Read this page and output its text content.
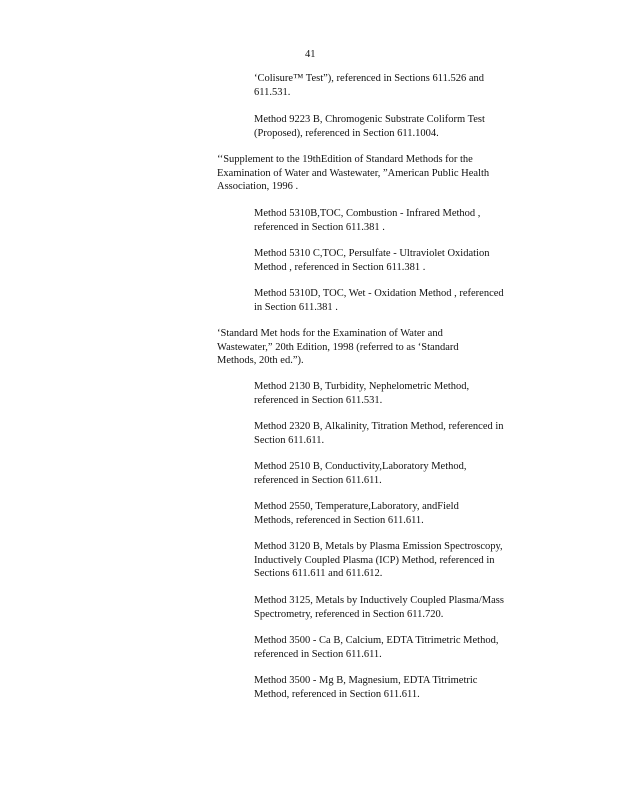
41

‘Colisure™ Test”), referenced in Sections 611.526 and

611.531.

Method 9223 B, Chromogenic Substrate Coliform Test

(Proposed), referenced in Section 611.1004.

‘‘Supplement to the 19thEdition of Standard Methods for the

Examination of Water and Wastewater, ”American Public Health

Association, 1996 .

Method 5310B,TOC, Combustion - Infrared Method ,

referenced in Section 611.381 .

Method 5310 C,TOC, Persulfate - Ultraviolet Oxidation

Method , referenced in Section 611.381 .

Method 5310D, TOC, Wet - Oxidation Method , referenced

in Section 611.381 .

‘Standard Met hods for the Examination of Water and

Wastewater,” 20th Edition, 1998 (referred to as ‘Standard

Methods, 20th ed.”).

Method 2130 B, Turbidity, Nephelometric Method,

referenced in Section 611.531.

Method 2320 B, Alkalinity, Titration Method, referenced in

Section 611.611.

Method 2510 B, Conductivity,Laboratory Method,

referenced in Section 611.611.

Method 2550, Temperature,Laboratory, andField

Methods, referenced in Section 611.611.

Method 3120 B, Metals by Plasma Emission Spectroscopy,

Inductively Coupled Plasma (ICP) Method, referenced in

Sections 611.611 and 611.612.

Method 3125, Metals by Inductively Coupled Plasma/Mass

Spectrometry, referenced in Section 611.720.

Method 3500 - Ca B, Calcium, EDTA Titrimetric Method,

referenced in Section 611.611.

Method 3500 - Mg B, Magnesium, EDTA Titrimetric

Method, referenced in Section 611.611.
